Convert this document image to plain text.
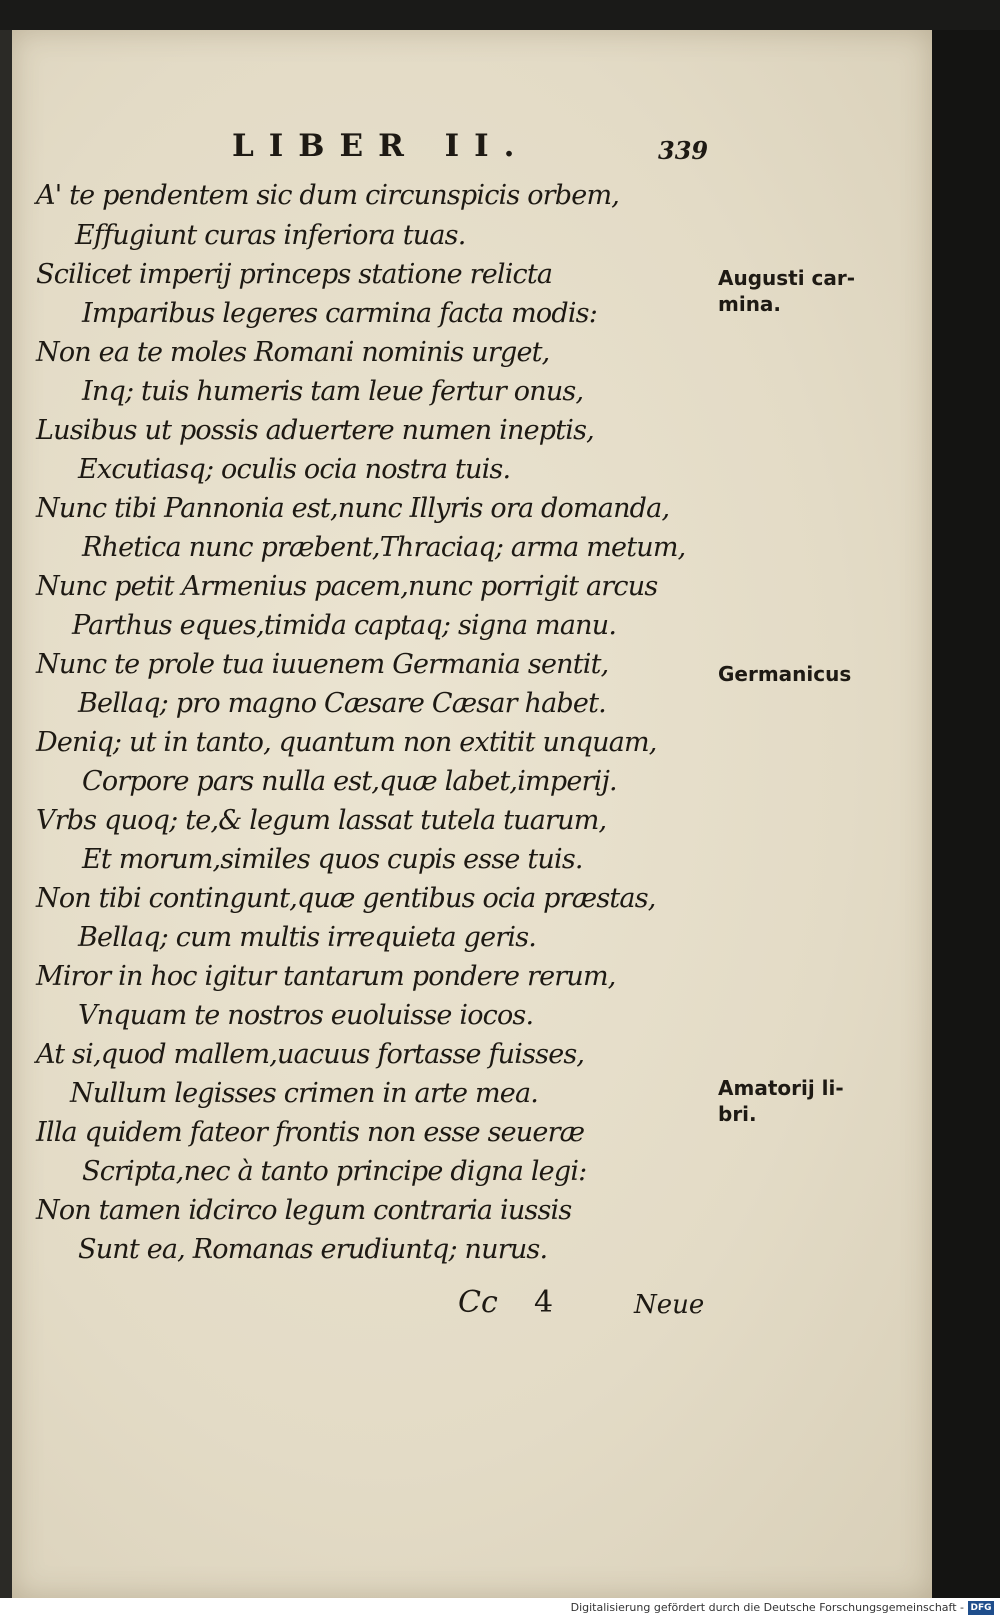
LIBER II.	339
A' te pendentem sic dum circunspicis orbem,
Effugiunt curas inferiora tuas.
Scilicet imperij princeps statione relicta
Imparibus legeres carmina facta modis:
Non ea te moles Romani nominis urget,
Inq; tuis humeris tam leue fertur onus,
Lusibus ut possis aduertere numen ineptis,
Excutiasq; oculis ocia nostra tuis.
Nunc tibi Pannonia est,nunc Illyris ora domanda,
Rhetica nunc præbent,Thraciaq; arma metum,
Nunc petit Armenius pacem,nunc porrigit arcus
Parthus eques,timida captaq; signa manu.
Nunc te prole tua iuuenem Germania sentit,
Bellaq; pro magno Cæsare Cæsar habet.
Deniq; ut in tanto, quantum non extitit unquam,
Corpore pars nulla est,quæ labet,imperij.
Vrbs quoq; te,& legum lassat tutela tuarum,
Et morum,similes quos cupis esse tuis.
Non tibi contingunt,quæ gentibus ocia præstas,
Bellaq; cum multis irrequieta geris.
Miror in hoc igitur tantarum pondere rerum,
Vnquam te nostros euoluisse iocos.
At si,quod mallem,uacuus fortasse fuisses,
Nullum legisses crimen in arte mea.
Illa quidem fateor frontis non esse seueræ
Scripta,nec à tanto principe digna legi:
Non tamen idcirco legum contraria iussis
Sunt ea, Romanas erudiuntq; nurus.
Augusti car-
mina.
Germanicus
Amatorij li-
bri.
Cc 4	Neue
Digitalisierung gefördert durch die Deutsche Forschungsgemeinschaft - DFG
